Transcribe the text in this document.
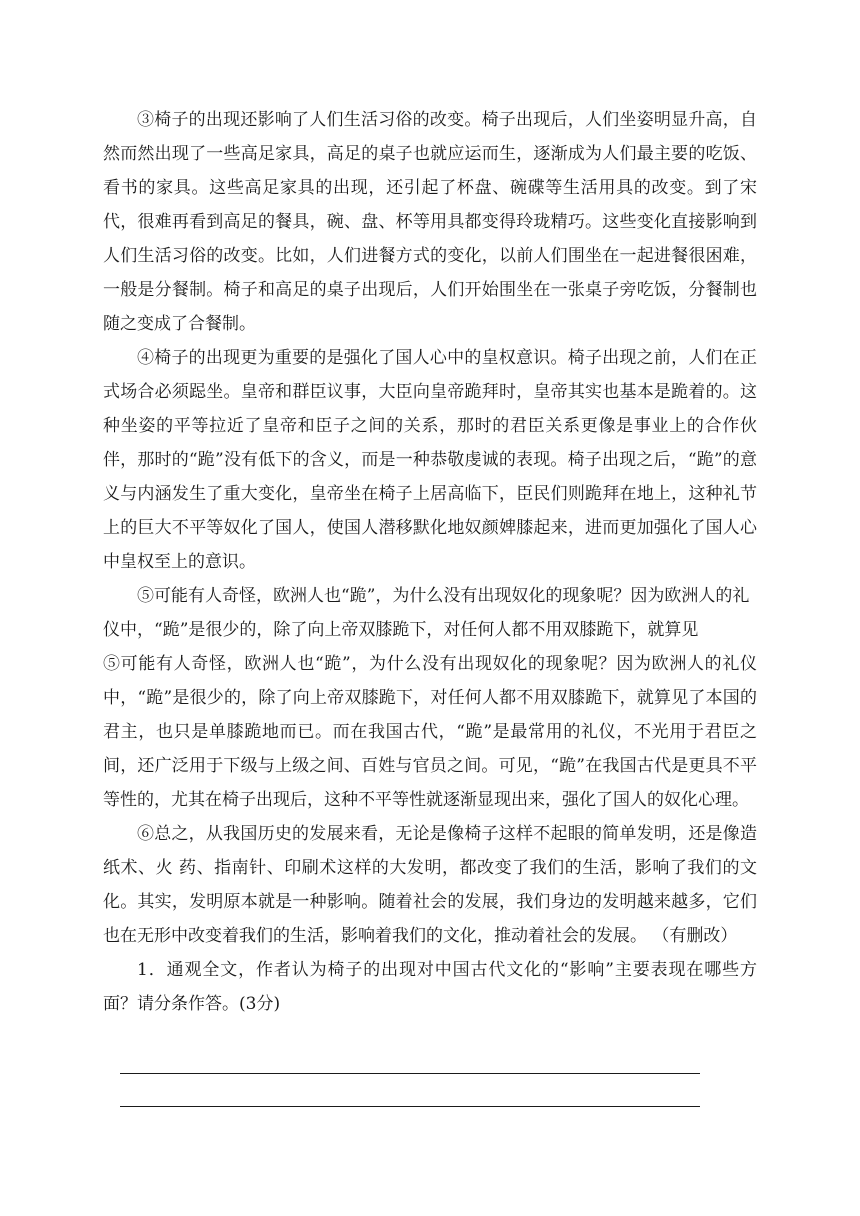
③椅子的出现还影响了人们生活习俗的改变。椅子出现后，人们坐姿明显升高，自然而然出现了一些高足家具，高足的桌子也就应运而生，逐渐成为人们最主要的吃饭、看书的家具。这些高足家具的出现，还引起了杯盘、碗碟等生活用具的改变。到了宋代，很难再看到高足的餐具，碗、盘、杯等用具都变得玲珑精巧。这些变化直接影响到人们生活习俗的改变。比如，人们进餐方式的变化，以前人们围坐在一起进餐很困难，一般是分餐制。椅子和高足的桌子出现后，人们开始围坐在一张桌子旁吃饭，分餐制也随之变成了合餐制。

④椅子的出现更为重要的是强化了国人心中的皇权意识。椅子出现之前，人们在正式场合必须跽坐。皇帝和群臣议事，大臣向皇帝跪拜时，皇帝其实也基本是跪着的。这种坐姿的平等拉近了皇帝和臣子之间的关系，那时的君臣关系更像是事业上的合作伙伴，那时的“跪”没有低下的含义，而是一种恭敬虔诚的表现。椅子出现之后，“跪”的意义与内涵发生了重大变化，皇帝坐在椅子上居高临下，臣民们则跪拜在地上，这种礼节上的巨大不平等奴化了国人，使国人潜移默化地奴颜婢膝起来，进而更加强化了国人心中皇权至上的意识。

⑤可能有人奇怪，欧洲人也“跪”，为什么没有出现奴化的现象呢？因为欧洲人的礼仪中，“跪”是很少的，除了向上帝双膝跪下，对任何人都不用双膝跪下，就算见

⑤可能有人奇怪，欧洲人也“跪”，为什么没有出现奴化的现象呢？因为欧洲人的礼仪中，“跪”是很少的，除了向上帝双膝跪下，对任何人都不用双膝跪下，就算见了本国的君主，也只是单膝跪地而已。而在我国古代，“跪”是最常用的礼仪，不光用于君臣之间，还广泛用于下级与上级之间、百姓与官员之间。可见，“跪”在我国古代是更具不平等性的，尤其在椅子出现后，这种不平等性就逐渐显现出来，强化了国人的奴化心理。

⑥总之，从我国历史的发展来看，无论是像椅子这样不起眼的简单发明，还是像造纸术、火 药、指南针、印刷术这样的大发明，都改变了我们的生活，影响了我们的文化。其实，发明原本就是一种影响。随着社会的发展，我们身边的发明越来越多，它们也在无形中改变着我们的生活，影响着我们的文化，推动着社会的发展。 （有删改）

1．通观全文，作者认为椅子的出现对中国古代文化的“影响”主要表现在哪些方面？请分条作答。(3分)
